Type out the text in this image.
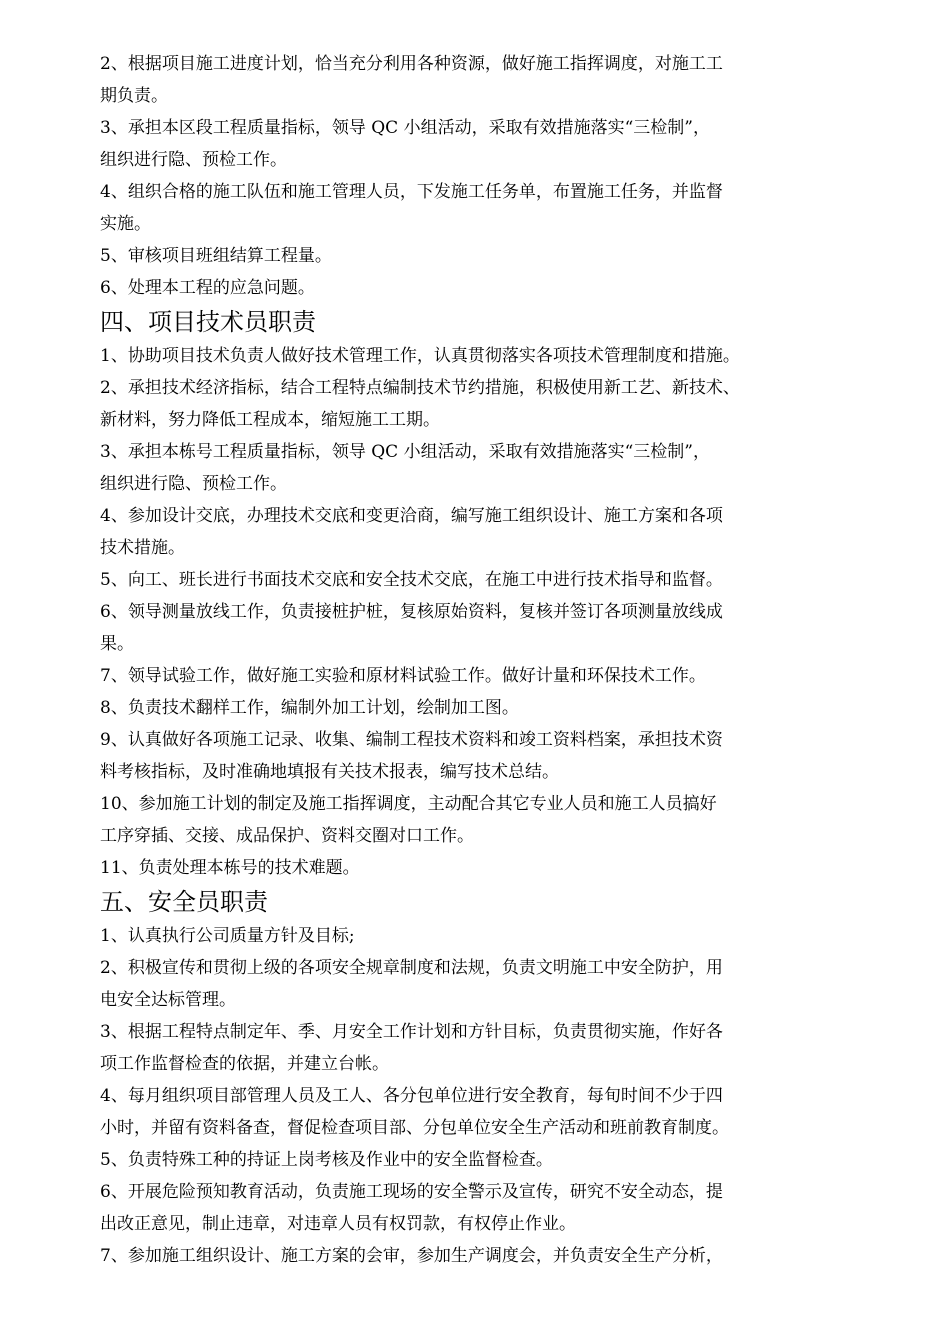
2、根据项目施工进度计划，恰当充分利用各种资源，做好施工指挥调度，对施工工
期负责。
3、承担本区段工程质量指标，领导 QC 小组活动，采取有效措施落实“三检制”，
组织进行隐、预检工作。
4、组织合格的施工队伍和施工管理人员，下发施工任务单，布置施工任务，并监督
实施。
5、审核项目班组结算工程量。
6、处理本工程的应急问题。
四、项目技术员职责
1、协助项目技术负责人做好技术管理工作，认真贯彻落实各项技术管理制度和措施。
2、承担技术经济指标，结合工程特点编制技术节约措施，积极使用新工艺、新技术、
新材料，努力降低工程成本，缩短施工工期。
3、承担本栋号工程质量指标，领导 QC 小组活动，采取有效措施落实“三检制”，
组织进行隐、预检工作。
4、参加设计交底，办理技术交底和变更洽商，编写施工组织设计、施工方案和各项
技术措施。
5、向工、班长进行书面技术交底和安全技术交底，在施工中进行技术指导和监督。
6、领导测量放线工作，负责接桩护桩，复核原始资料，复核并签订各项测量放线成
果。
7、领导试验工作，做好施工实验和原材料试验工作。做好计量和环保技术工作。
8、负责技术翻样工作，编制外加工计划，绘制加工图。
9、认真做好各项施工记录、收集、编制工程技术资料和竣工资料档案，承担技术资
料考核指标，及时准确地填报有关技术报表，编写技术总结。
10、参加施工计划的制定及施工指挥调度，主动配合其它专业人员和施工人员搞好
工序穿插、交接、成品保护、资料交圈对口工作。
11、负责处理本栋号的技术难题。
五、安全员职责
1、认真执行公司质量方针及目标;
2、积极宣传和贯彻上级的各项安全规章制度和法规，负责文明施工中安全防护，用
电安全达标管理。
3、根据工程特点制定年、季、月安全工作计划和方针目标，负责贯彻实施，作好各
项工作监督检查的依据，并建立台帐。
4、每月组织项目部管理人员及工人、各分包单位进行安全教育，每旬时间不少于四
小时，并留有资料备查，督促检查项目部、分包单位安全生产活动和班前教育制度。
5、负责特殊工种的持证上岗考核及作业中的安全监督检查。
6、开展危险预知教育活动，负责施工现场的安全警示及宣传，研究不安全动态，提
出改正意见，制止违章，对违章人员有权罚款，有权停止作业。
7、参加施工组织设计、施工方案的会审，参加生产调度会，并负责安全生产分析，
